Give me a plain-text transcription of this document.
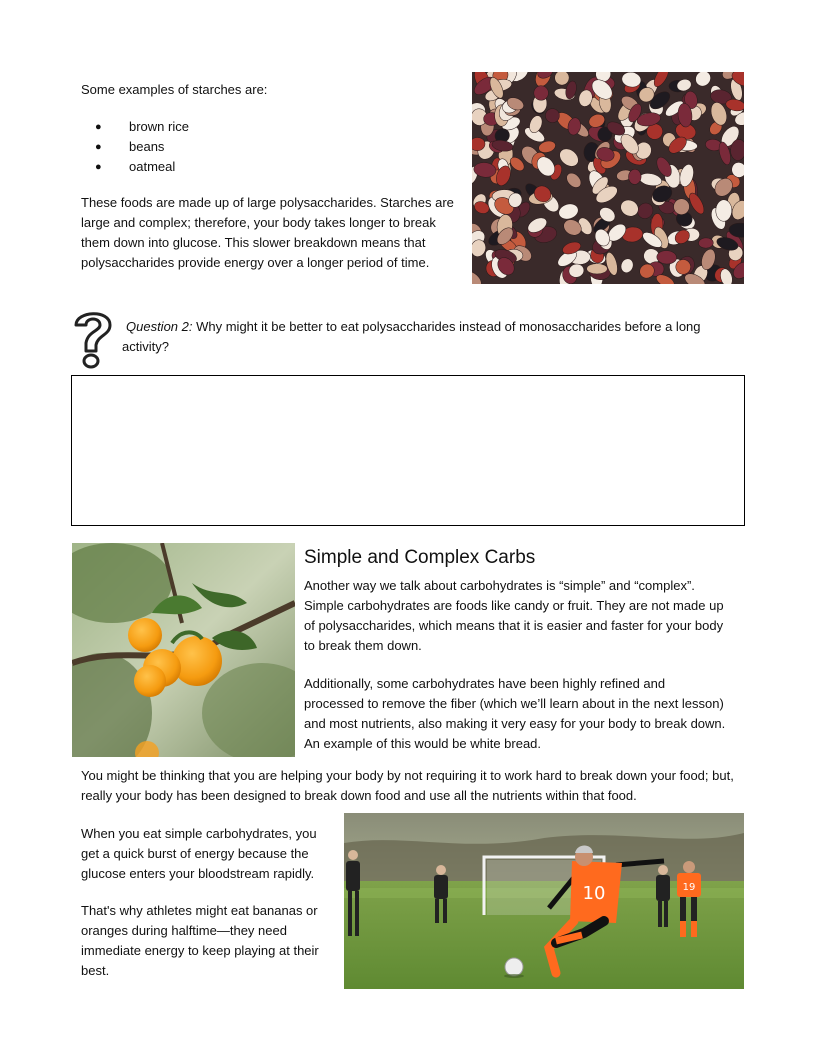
Some examples of starches are:
● brown rice
● beans
● oatmeal

These foods are made up of large polysaccharides. Starches are large and complex; therefore, your body takes longer to break them down into glucose. This slower breakdown means that polysaccharides provide energy over a longer period of time.

Question 2: Why might it be better to eat polysaccharides instead of monosaccharides before a long activity?

Simple and Complex Carbs

Another way we talk about carbohydrates is “simple” and “complex”. Simple carbohydrates are foods like candy or fruit. They are not made up of polysaccharides, which means that it is easier and faster for your body to break them down.

Additionally, some carbohydrates have been highly refined and processed to remove the fiber (which we’ll learn about in the next lesson) and most nutrients, also making it very easy for your body to break down. An example of this would be white bread.

You might be thinking that you are helping your body by not requiring it to work hard to break down your food; but, really your body has been designed to break down food and use all the nutrients within that food.

When you eat simple carbohydrates, you get a quick burst of energy because the glucose enters your bloodstream rapidly.

That's why athletes might eat bananas or oranges during halftime—they need immediate energy to keep playing at their best.

19
10
